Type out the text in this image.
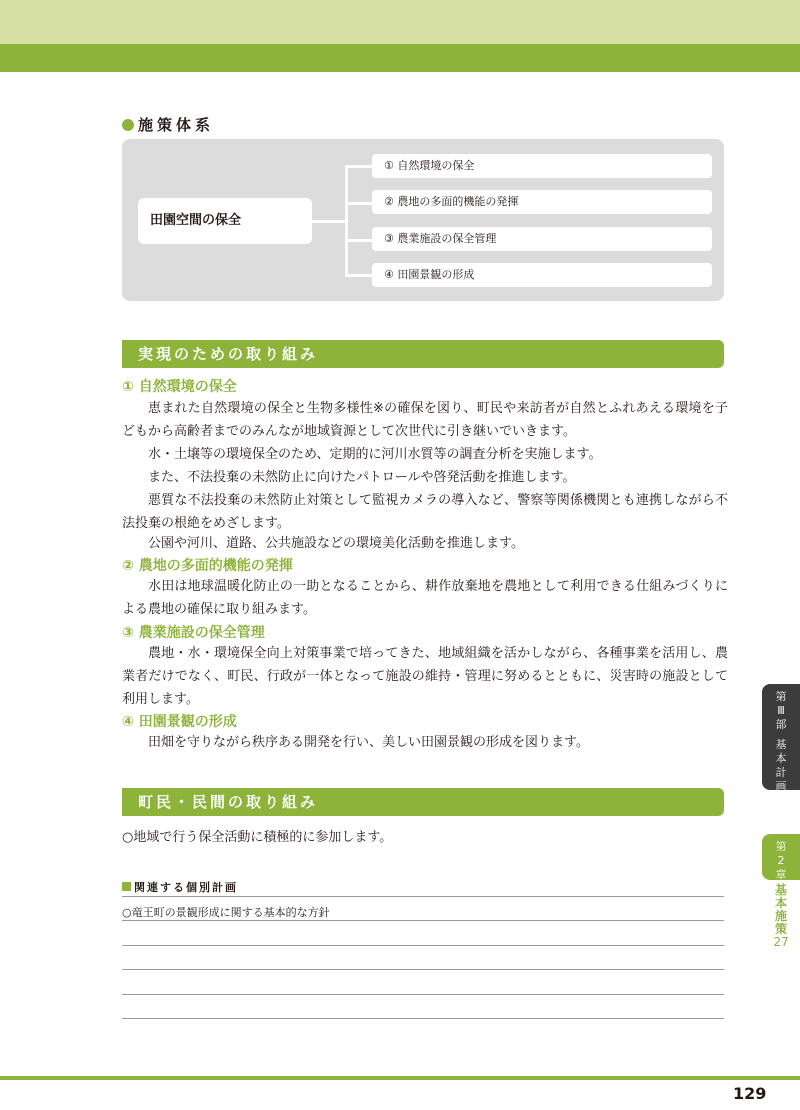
施策体系
田園空間の保全
① 自然環境の保全
② 農地の多面的機能の発揮
③ 農業施設の保全管理
④ 田園景観の形成
実現のための取り組み
① 自然環境の保全
恵まれた自然環境の保全と生物多様性※の確保を図り、町民や来訪者が自然とふれあえる環境を子どもから高齢者までのみんなが地域資源として次世代に引き継いでいきます。
水・土壌等の環境保全のため、定期的に河川水質等の調査分析を実施します。
また、不法投棄の未然防止に向けたパトロールや啓発活動を推進します。
悪質な不法投棄の未然防止対策として監視カメラの導入など、警察等関係機関とも連携しながら不法投棄の根絶をめざします。
公園や河川、道路、公共施設などの環境美化活動を推進します。
② 農地の多面的機能の発揮
水田は地球温暖化防止の一助となることから、耕作放棄地を農地として利用できる仕組みづくりによる農地の確保に取り組みます。
③ 農業施設の保全管理
農地・水・環境保全向上対策事業で培ってきた、地域組織を活かしながら、各種事業を活用し、農業者だけでなく、町民、行政が一体となって施設の維持・管理に努めるとともに、災害時の施設として利用します。
④ 田園景観の形成
田畑を守りながら秩序ある開発を行い、美しい田園景観の形成を図ります。
町民・民間の取り組み
○地域で行う保全活動に積極的に参加します。
関連する個別計画
○竜王町の景観形成に関する基本的な方針
第
Ⅲ
部

基
本
計
画
第
2
章
基
本
施
策
27
129
